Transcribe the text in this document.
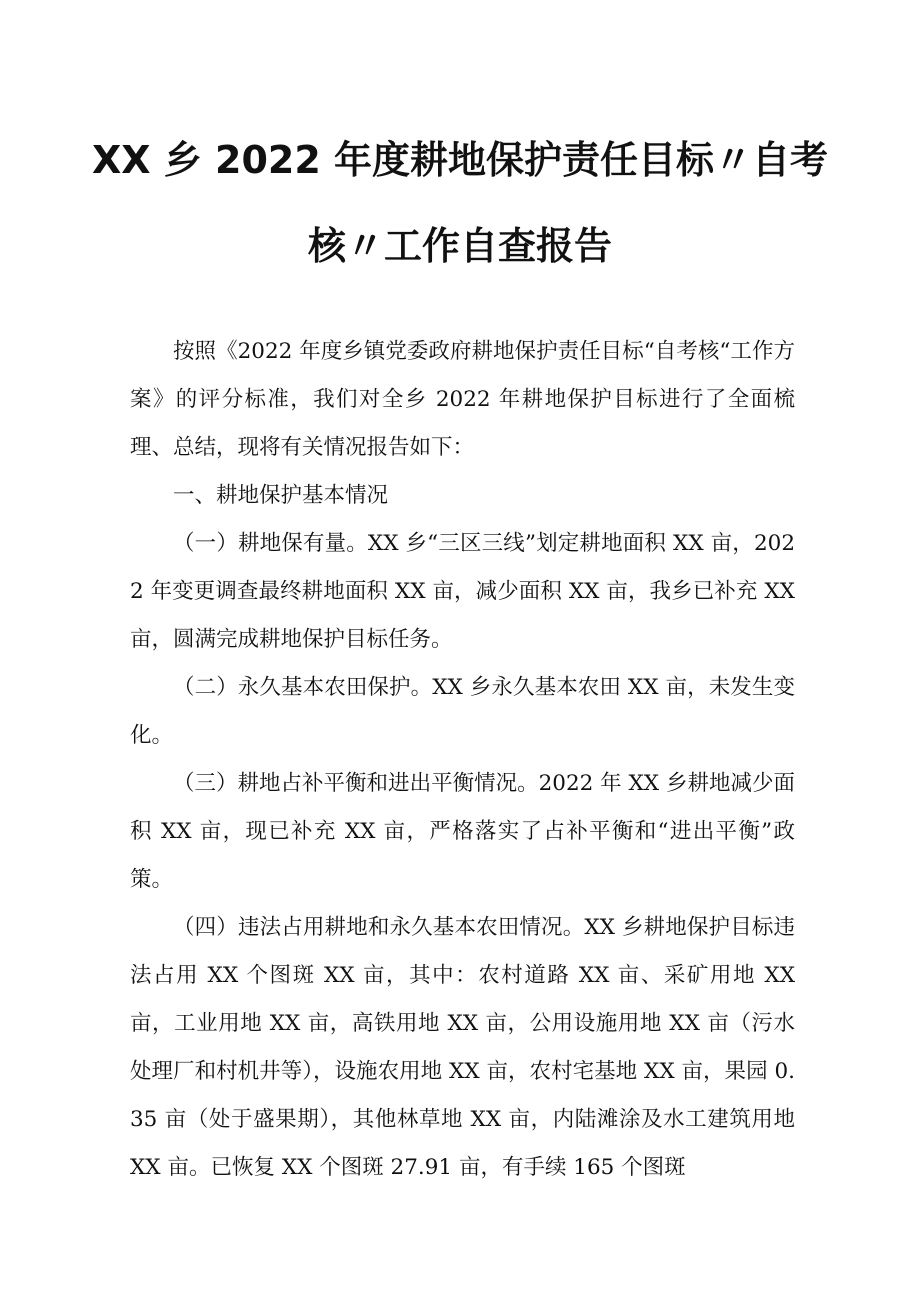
XX 乡 2022 年度耕地保护责任目标〃自考
核〃工作自查报告

按照《2022 年度乡镇党委政府耕地保护责任目标“自考核“工作方案》的评分标准，我们对全乡 2022 年耕地保护目标进行了全面梳理、总结，现将有关情况报告如下：

一、耕地保护基本情况

（一）耕地保有量。XX 乡“三区三线”划定耕地面积 XX 亩，2022 年变更调查最终耕地面积 XX 亩，减少面积 XX 亩，我乡已补充 XX 亩，圆满完成耕地保护目标任务。

（二）永久基本农田保护。XX 乡永久基本农田 XX 亩，未发生变化。

（三）耕地占补平衡和进出平衡情况。2022 年 XX 乡耕地减少面积 XX 亩，现已补充 XX 亩，严格落实了占补平衡和“进出平衡”政策。

（四）违法占用耕地和永久基本农田情况。XX 乡耕地保护目标违法占用 XX 个图斑 XX 亩，其中：农村道路 XX 亩、采矿用地 XX 亩，工业用地 XX 亩，高铁用地 XX 亩，公用设施用地 XX 亩（污水处理厂和村机井等），设施农用地 XX 亩，农村宅基地 XX 亩，果园 0.35 亩（处于盛果期），其他林草地 XX 亩，内陆滩涂及水工建筑用地 XX 亩。已恢复 XX 个图斑 27.91 亩，有手续 165 个图斑
